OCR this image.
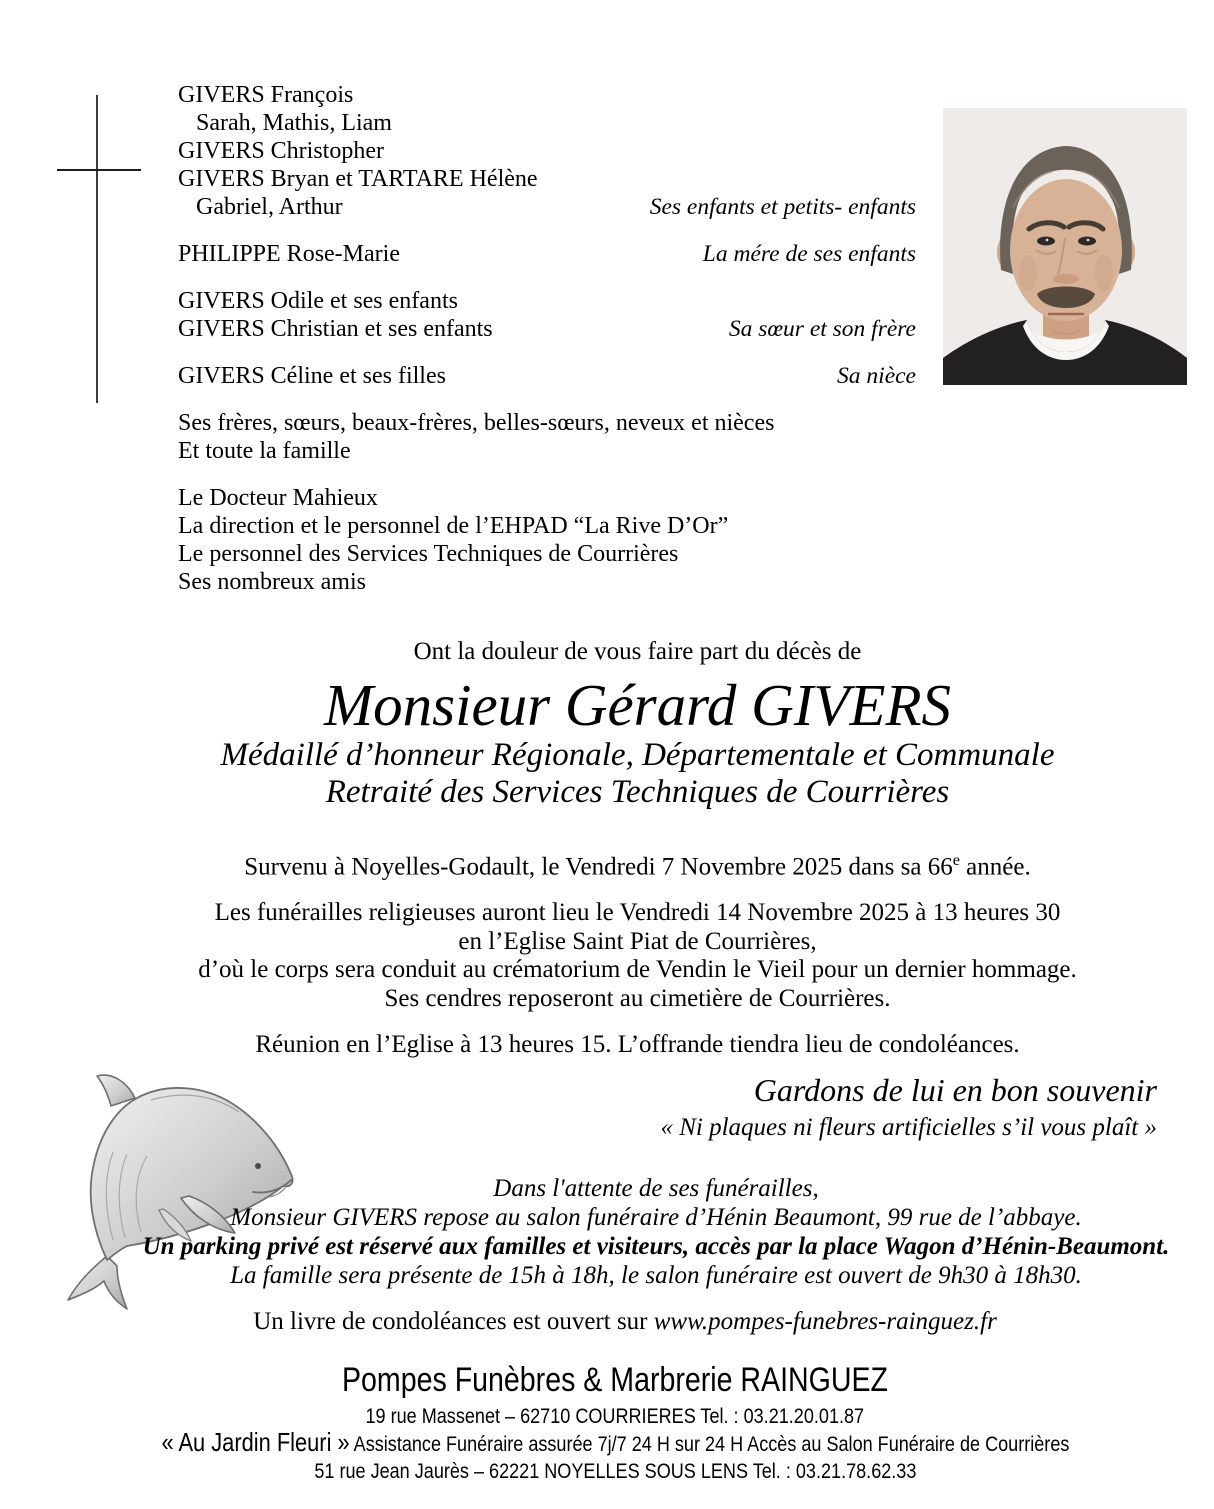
GIVERS François
Sarah, Mathis, Liam
GIVERS Christopher
GIVERS Bryan et TARTARE Hélène
Gabriel, Arthur	Ses enfants et petits- enfants
PHILIPPE Rose-Marie	La mére de ses enfants
GIVERS Odile et ses enfants
GIVERS Christian et ses enfants	Sa sœur et son frère
GIVERS Céline et ses filles	Sa nièce
Ses frères, sœurs, beaux-frères, belles-sœurs, neveux et nièces
Et toute la famille
Le Docteur Mahieux
La direction et le personnel de l’EHPAD “La Rive D’Or”
Le personnel des Services Techniques de Courrières
Ses nombreux amis
Ont la douleur de vous faire part du décès de
Monsieur Gérard GIVERS
Médaillé d’honneur Régionale, Départementale et Communale
Retraité des Services Techniques de Courrières
Survenu à Noyelles-Godault, le Vendredi 7 Novembre 2025 dans sa 66e année.
Les funérailles religieuses auront lieu le Vendredi 14 Novembre 2025 à 13 heures 30
en l’Eglise Saint Piat de Courrières,
d’où le corps sera conduit au crématorium de Vendin le Vieil pour un dernier hommage.
Ses cendres reposeront au cimetière de Courrières.
Réunion en l’Eglise à 13 heures 15. L’offrande tiendra lieu de condoléances.
Gardons de lui en bon souvenir
« Ni plaques ni fleurs artificielles s’il vous plaît »
Dans l'attente de ses funérailles,
Monsieur GIVERS repose au salon funéraire d’Hénin Beaumont, 99 rue de l’abbaye.
Un parking privé est réservé aux familles et visiteurs, accès par la place Wagon d’Hénin-Beaumont.
La famille sera présente de 15h à 18h, le salon funéraire est ouvert de 9h30 à 18h30.
Un livre de condoléances est ouvert sur www.pompes-funebres-rainguez.fr
Pompes Funèbres & Marbrerie RAINGUEZ
19 rue Massenet – 62710 COURRIERES Tel. : 03.21.20.01.87
« Au Jardin Fleuri » Assistance Funéraire assurée 7j/7 24 H sur 24 H Accès au Salon Funéraire de Courrières
51 rue Jean Jaurès – 62221 NOYELLES SOUS LENS Tel. : 03.21.78.62.33
